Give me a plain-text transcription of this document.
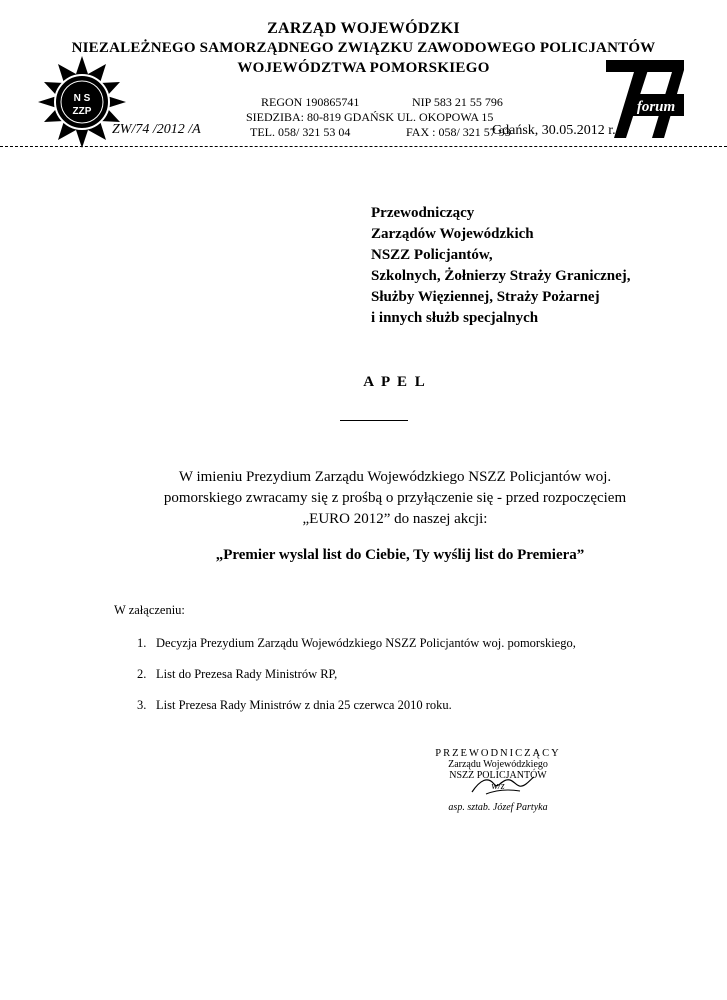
ZARZĄD WOJEWÓDZKI
NIEZALEŻNEGO SAMORZĄDNEGO ZWIĄZKU ZAWODOWEGO POLICJANTÓW
WOJEWÓDZTWA POMORSKIEGO
N S
ZZP	forum
REGON 190865741	NIP 583 21 55 796
SIEDZIBA: 80-819 GDAŃSK UL. OKOPOWA 15
TEL. 058/ 321 53 04	FAX : 058/ 321 57 93
ZW/74 /2012 /A	Gdańsk, 30.05.2012 r.
Przewodniczący
Zarządów Wojewódzkich
NSZZ Policjantów,
Szkolnych, Żołnierzy Straży Granicznej,
Służby Więziennej, Straży Pożarnej
i innych służb specjalnych
A P E L
W imieniu Prezydium Zarządu Wojewódzkiego NSZZ Policjantów woj.
pomorskiego zwracamy się z prośbą o przyłączenie się - przed rozpoczęciem
„EURO 2012” do naszej akcji:
„Premier wyslal list do Ciebie, Ty wyślij list do Premiera”
W załączeniu:
1. Decyzja Prezydium Zarządu Wojewódzkiego NSZZ Policjantów woj. pomorskiego,
2. List do Prezesa Rady Ministrów RP,
3. List Prezesa Rady Ministrów z dnia 25 czerwca 2010 roku.
PRZEWODNICZĄCY
Zarządu Wojewódzkiego
NSZZ POLICJANTÓW
w/z
asp. sztab. Józef Partyka
